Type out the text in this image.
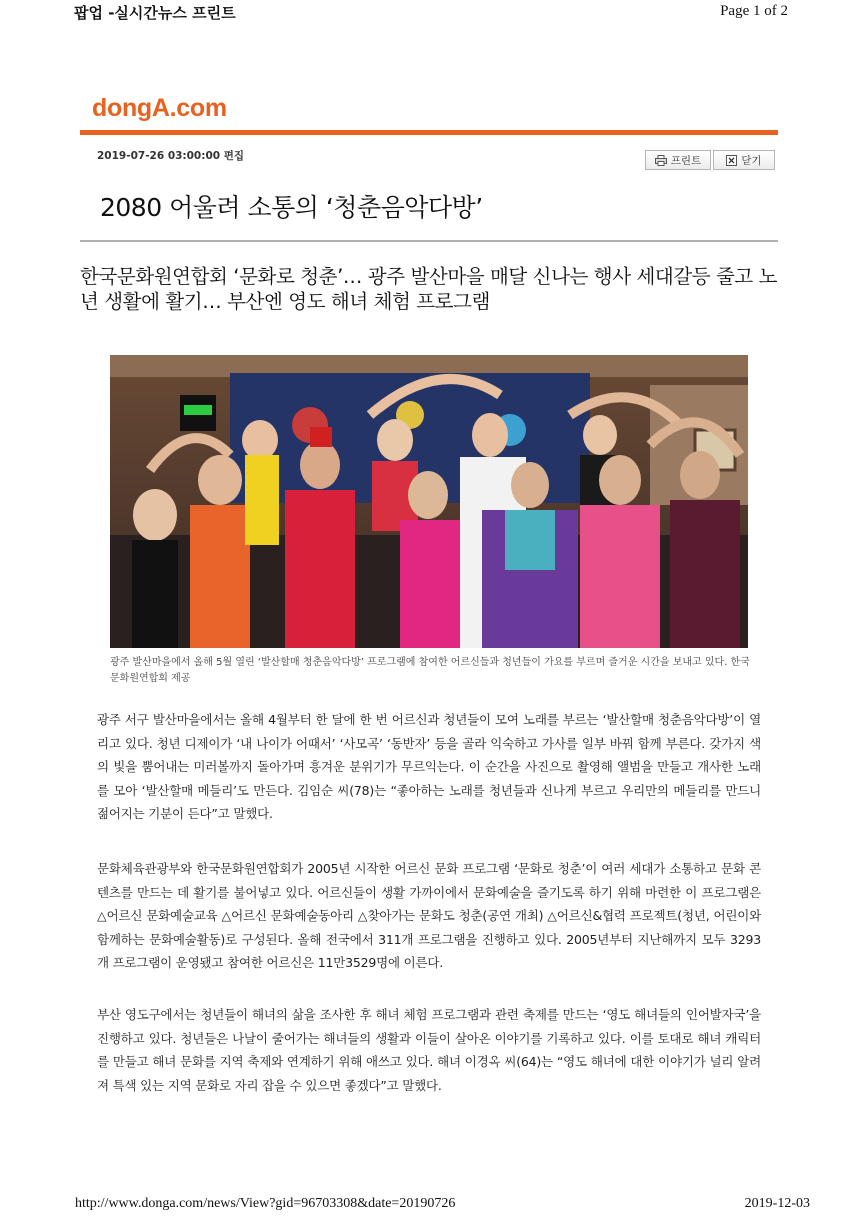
팝업 -실시간뉴스 프린트	Page 1 of 2
dongA.com
2019-07-26 03:00:00 편집	프린트	닫기
2080 어울려 소통의 ‘청춘음악다방’
한국문화원연합회 ‘문화로 청춘’… 광주 발산마을 매달 신나는 행사 세대갈등 줄고 노년 생활에 활기… 부산엔 영도 해녀 체험 프로그램
광주 발산마을에서 올해 5월 열린 ‘발산할매 청춘음악다방’ 프로그램에 참여한 어르신들과 청년들이 가요를 부르며 즐거운 시간을 보내고 있다. 한국문화원연합회 제공
광주 서구 발산마을에서는 올해 4월부터 한 달에 한 번 어르신과 청년들이 모여 노래를 부르는 ‘발산할매 청춘음악다방’이 열리고 있다. 청년 디제이가 ‘내 나이가 어때서’ ‘사모곡’ ‘동반자’ 등을 골라 익숙하고 가사를 일부 바꿔 함께 부른다. 갖가지 색의 빛을 뿜어내는 미러볼까지 돌아가며 흥겨운 분위기가 무르익는다. 이 순간을 사진으로 촬영해 앨범을 만들고 개사한 노래를 모아 ‘발산할매 메들리’도 만든다. 김임순 씨(78)는 “좋아하는 노래를 청년들과 신나게 부르고 우리만의 메들리를 만드니 젊어지는 기분이 든다”고 말했다.
문화체육관광부와 한국문화원연합회가 2005년 시작한 어르신 문화 프로그램 ‘문화로 청춘’이 여러 세대가 소통하고 문화 콘텐츠를 만드는 데 활기를 불어넣고 있다. 어르신들이 생활 가까이에서 문화예술을 즐기도록 하기 위해 마련한 이 프로그램은 △어르신 문화예술교육 △어르신 문화예술동아리 △찾아가는 문화도 청춘(공연 개최) △어르신&협력 프로젝트(청년, 어린이와 함께하는 문화예술활동)로 구성된다. 올해 전국에서 311개 프로그램을 진행하고 있다. 2005년부터 지난해까지 모두 3293개 프로그램이 운영됐고 참여한 어르신은 11만3529명에 이른다.
부산 영도구에서는 청년들이 해녀의 삶을 조사한 후 해녀 체험 프로그램과 관련 축제를 만드는 ‘영도 해녀들의 인어발자국’을 진행하고 있다. 청년들은 나날이 줄어가는 해녀들의 생활과 이들이 살아온 이야기를 기록하고 있다. 이를 토대로 해녀 캐릭터를 만들고 해녀 문화를 지역 축제와 연계하기 위해 애쓰고 있다. 해녀 이경옥 씨(64)는 “영도 해녀에 대한 이야기가 널리 알려져 특색 있는 지역 문화로 자리 잡을 수 있으면 좋겠다”고 말했다.
http://www.donga.com/news/View?gid=96703308&date=20190726	2019-12-03
